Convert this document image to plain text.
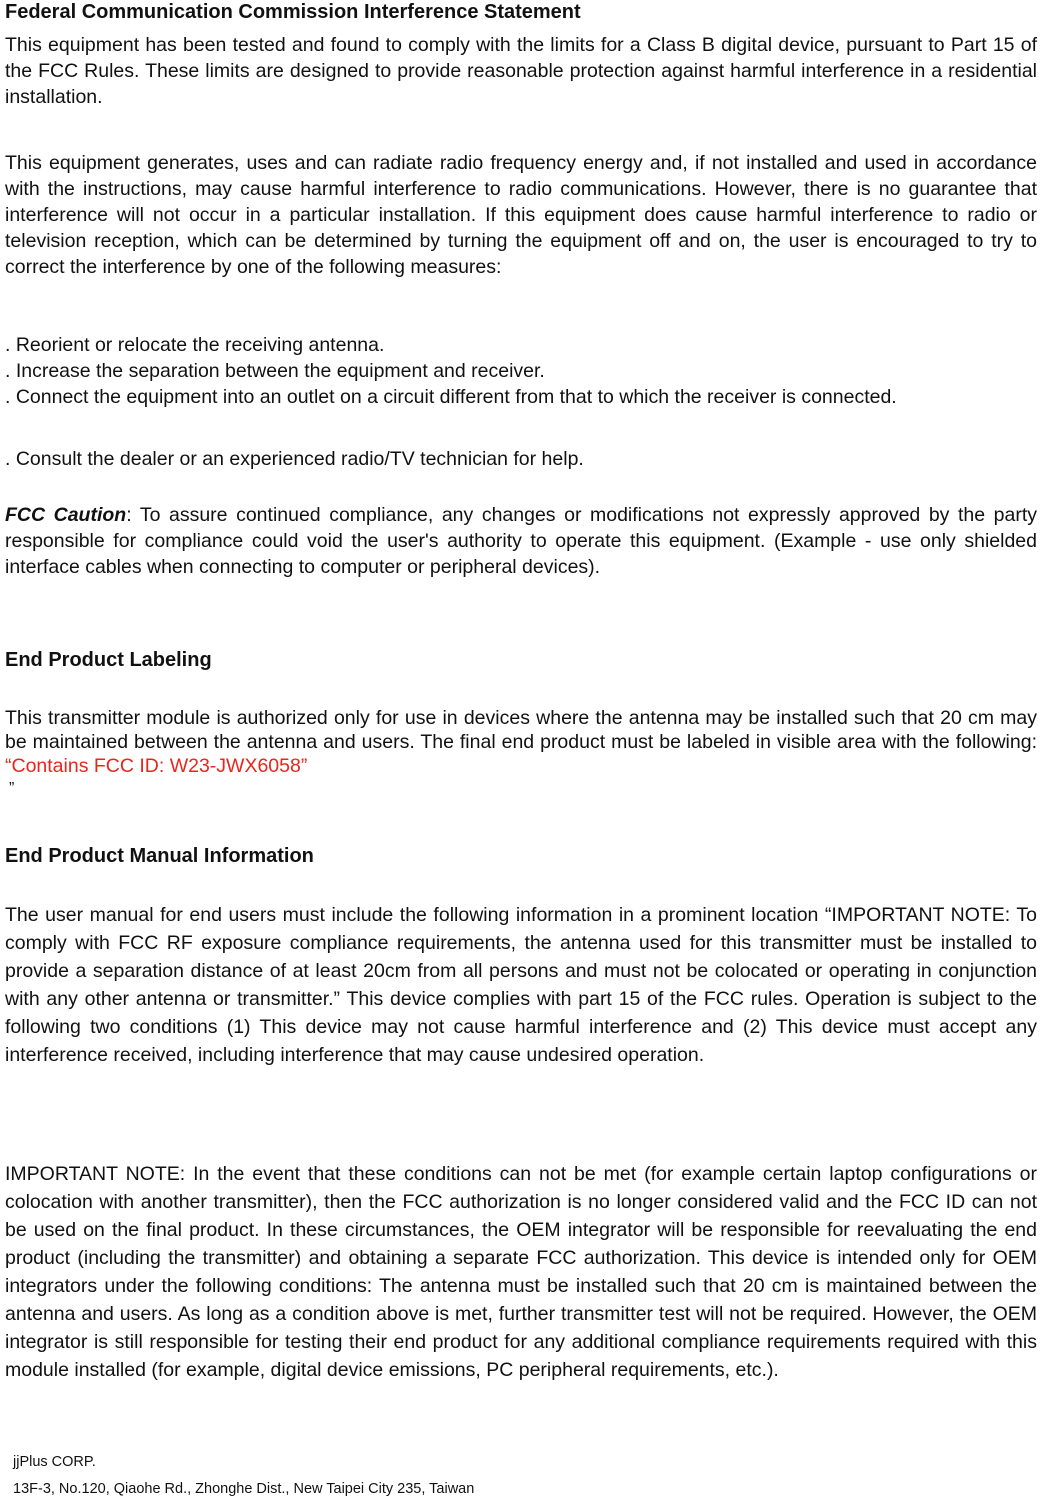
Federal Communication Commission Interference Statement

This equipment has been tested and found to comply with the limits for a Class B digital device, pursuant to Part 15 of the FCC Rules. These limits are designed to provide reasonable protection against harmful interference in a residential installation.

This equipment generates, uses and can radiate radio frequency energy and, if not installed and used in accordance with the instructions, may cause harmful interference to radio communications. However, there is no guarantee that interference will not occur in a particular installation. If this equipment does cause harmful interference to radio or television reception, which can be determined by turning the equipment off and on, the user is encouraged to try to correct the interference by one of the following measures:

. Reorient or relocate the receiving antenna.

. Increase the separation between the equipment and receiver.

. Connect the equipment into an outlet on a circuit different from that to which the receiver is connected.

. Consult the dealer or an experienced radio/TV technician for help.

FCC Caution: To assure continued compliance, any changes or modifications not expressly approved by the party responsible for compliance could void the user's authority to operate this equipment. (Example - use only shielded interface cables when connecting to computer or peripheral devices).

End Product Labeling

This transmitter module is authorized only for use in devices where the antenna may be installed such that 20 cm may be maintained between the antenna and users. The final end product must be labeled in visible area with the following: “Contains FCC ID: W23-JWX6058”

”

End Product Manual Information

The user manual for end users must include the following information in a prominent location “IMPORTANT NOTE: To comply with FCC RF exposure compliance requirements, the antenna used for this transmitter must be installed to provide a separation distance of at least 20cm from all persons and must not be colocated or operating in conjunction with any other antenna or transmitter.” This device complies with part 15 of the FCC rules. Operation is subject to the following two conditions (1) This device may not cause harmful interference and (2) This device must accept any interference received, including interference that may cause undesired operation.

IMPORTANT NOTE: In the event that these conditions can not be met (for example certain laptop configurations or colocation with another transmitter), then the FCC authorization is no longer considered valid and the FCC ID can not be used on the final product. In these circumstances, the OEM integrator will be responsible for reevaluating the end product (including the transmitter) and obtaining a separate FCC authorization. This device is intended only for OEM integrators under the following conditions: The antenna must be installed such that 20 cm is maintained between the antenna and users. As long as a condition above is met, further transmitter test will not be required. However, the OEM integrator is still responsible for testing their end product for any additional compliance requirements required with this module installed (for example, digital device emissions, PC peripheral requirements, etc.).

jjPlus CORP.
13F-3, No.120, Qiaohe Rd., Zhonghe Dist., New Taipei City 235, Taiwan
